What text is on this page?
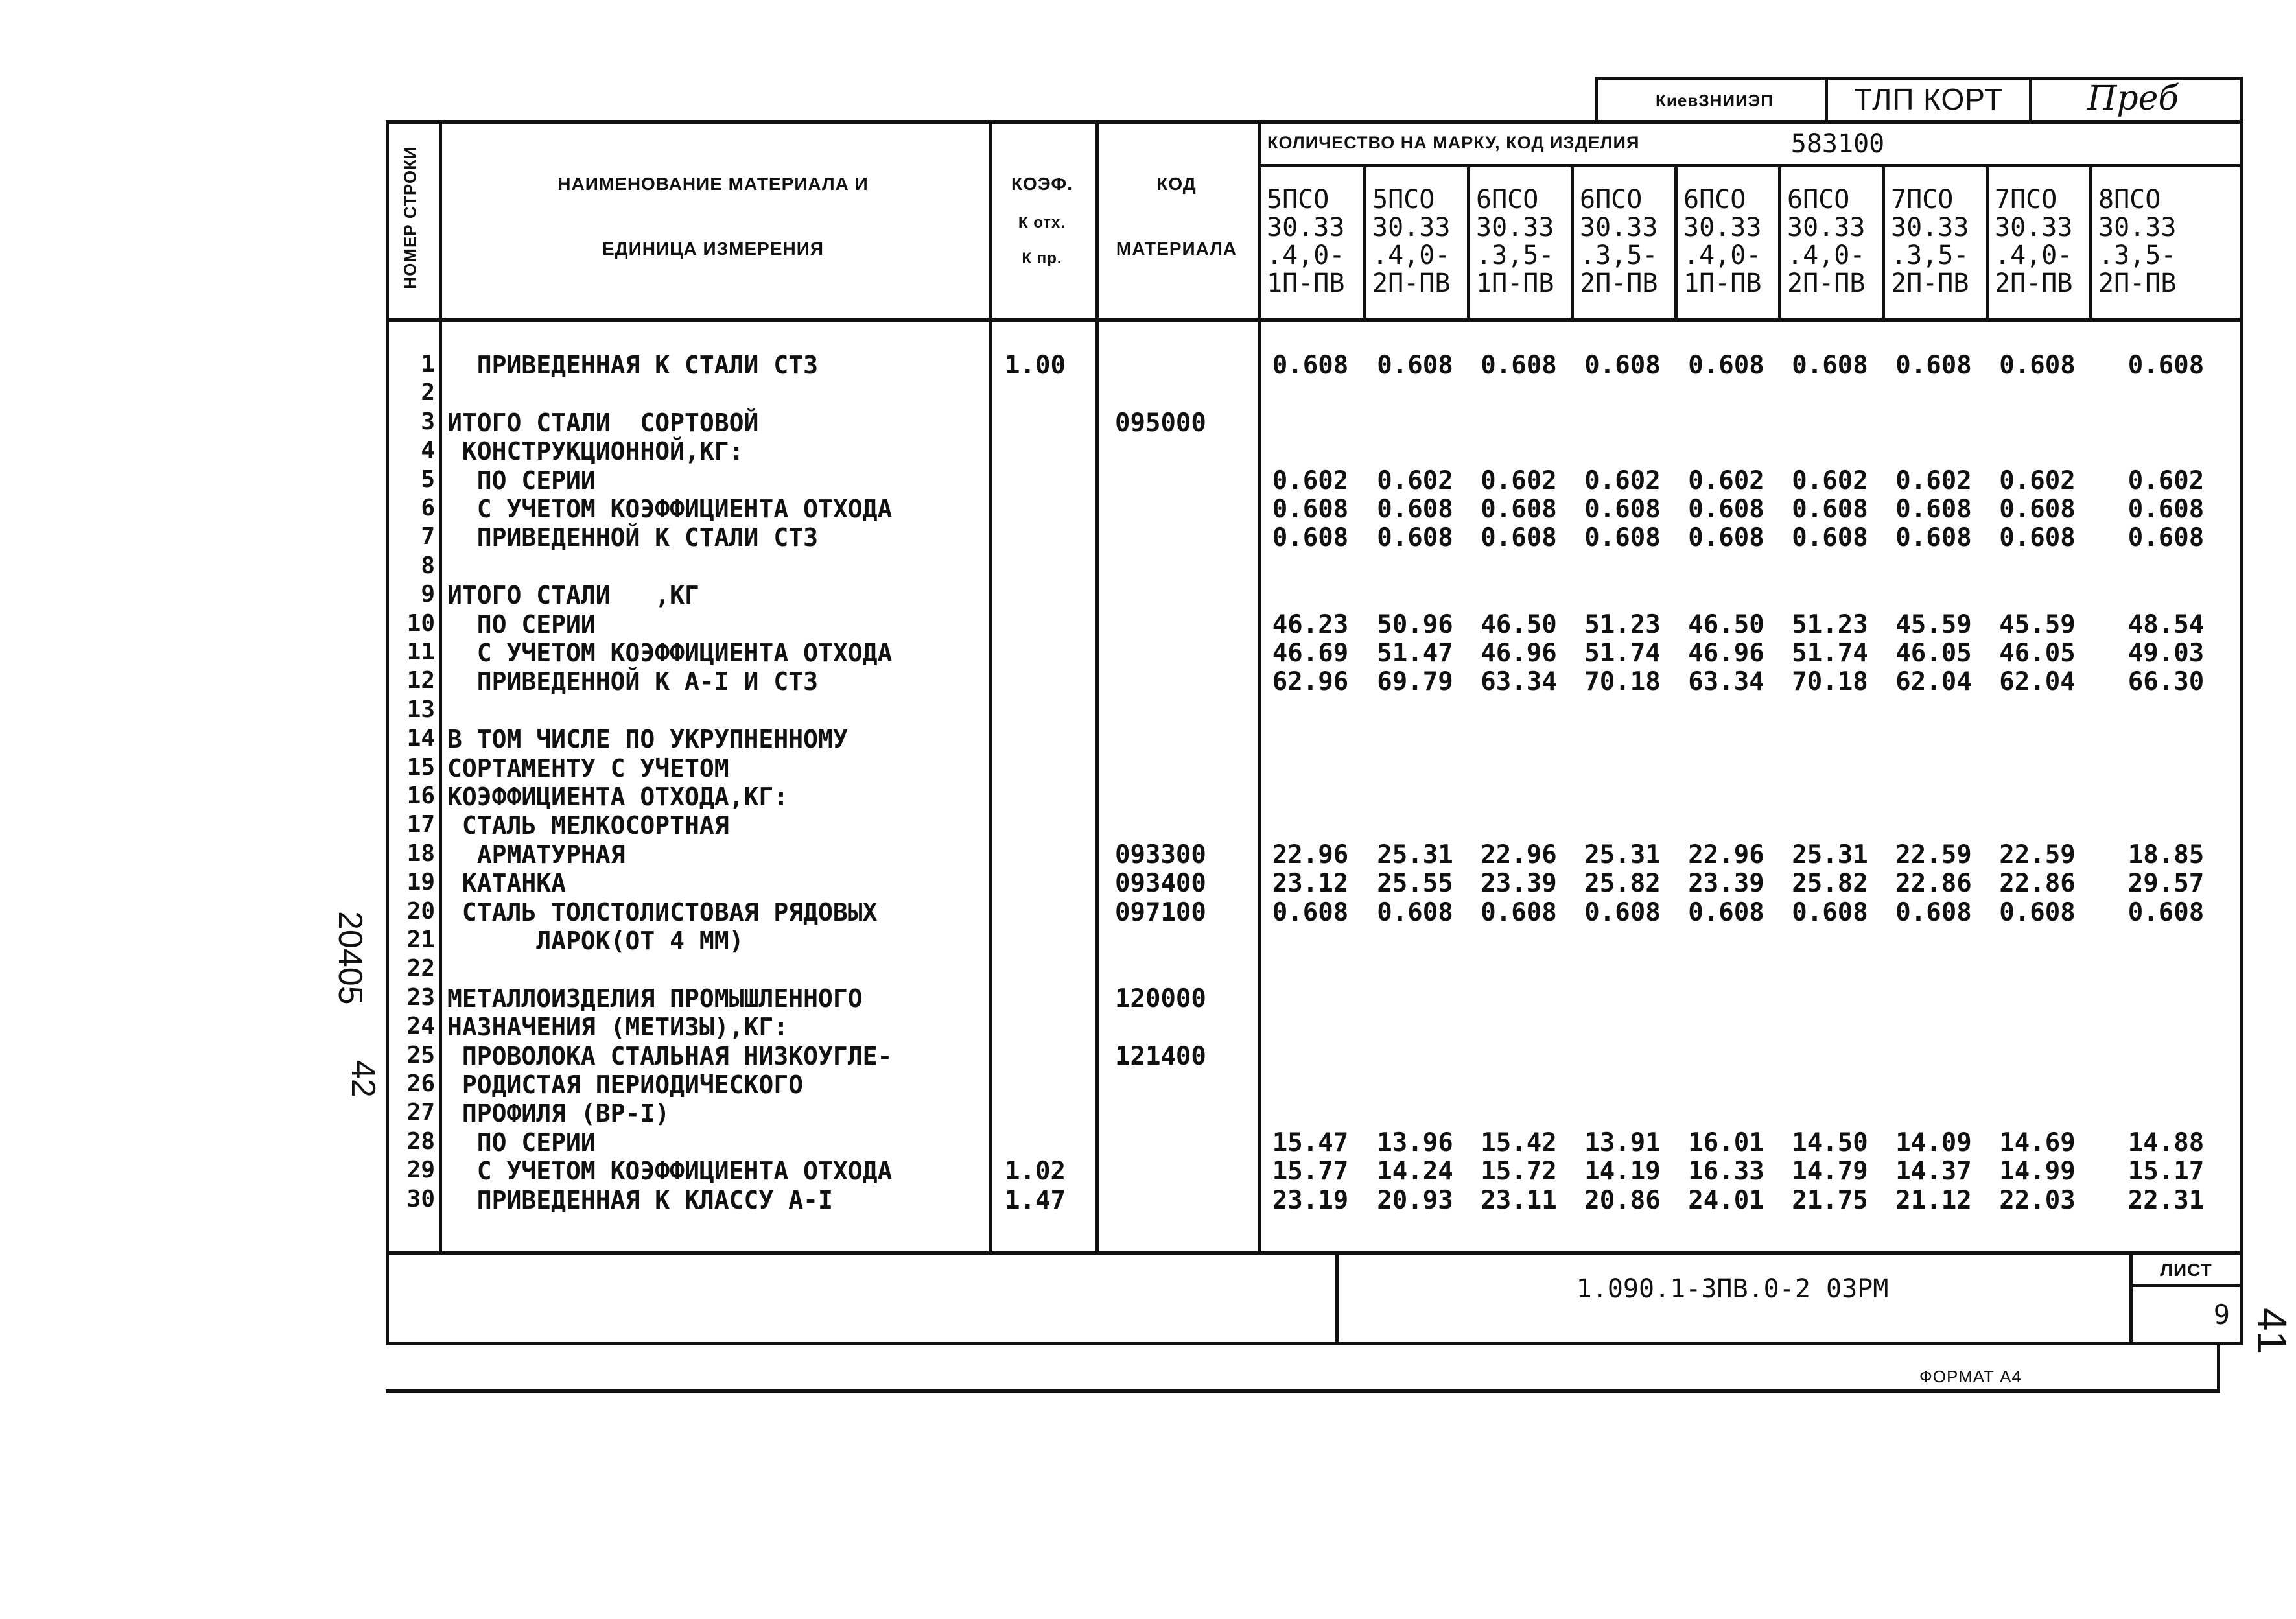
КиевЗНИИЭП	ТЛП КОРТ	Преб
НОМЕР СТРОКИ	НАИМЕНОВАНИЕ МАТЕРИАЛА И
ЕДИНИЦА ИЗМЕРЕНИЯ
КОЭФ.
К отх.
К пр.
КОД
МАТЕРИАЛА
КОЛИЧЕСТВО НА МАРКУ, КОД ИЗДЕЛИЯ	583100
5ПСО
30.33
.4,0-
1П-ПВ
5ПСО
30.33
.4,0-
2П-ПВ
6ПСО
30.33
.3,5-
1П-ПВ
6ПСО
30.33
.3,5-
2П-ПВ
6ПСО
30.33
.4,0-
1П-ПВ
6ПСО
30.33
.4,0-
2П-ПВ
7ПСО
30.33
.3,5-
2П-ПВ
7ПСО
30.33
.4,0-
2П-ПВ
8ПСО
30.33
.3,5-
2П-ПВ
1 ПРИВЕДЕННАЯ К СТАЛИ СТЗ	1.00	0.608	0.608	0.608	0.608	0.608	0.608	0.608	0.608	0.608
2
3 ИТОГО СТАЛИ  СОРТОВОЙ	095000
4 КОНСТРУКЦИОННОЙ,КГ:
5 ПО СЕРИИ	0.602	0.602	0.602	0.602	0.602	0.602	0.602	0.602	0.602
6 С УЧЕТОМ КОЭФФИЦИЕНТА ОТХОДА	0.608	0.608	0.608	0.608	0.608	0.608	0.608	0.608	0.608
7 ПРИВЕДЕННОЙ К СТАЛИ СТЗ	0.608	0.608	0.608	0.608	0.608	0.608	0.608	0.608	0.608
8
9 ИТОГО СТАЛИ   ,КГ
10 ПО СЕРИИ	46.23	50.96	46.50	51.23	46.50	51.23	45.59	45.59	48.54
11 С УЧЕТОМ КОЭФФИЦИЕНТА ОТХОДА	46.69	51.47	46.96	51.74	46.96	51.74	46.05	46.05	49.03
12 ПРИВЕДЕННОЙ К А-I И СТЗ	62.96	69.79	63.34	70.18	63.34	70.18	62.04	62.04	66.30
13
14 В ТОМ ЧИСЛЕ ПО УКРУПНЕННОМУ
15 СОРТАМЕНТУ С УЧЕТОМ
16 КОЭФФИЦИЕНТА ОТХОДА,КГ:
17 СТАЛЬ МЕЛКОСОРТНАЯ
18 АРМАТУРНАЯ	093300	22.96	25.31	22.96	25.31	22.96	25.31	22.59	22.59	18.85
19 КАТАНКА	093400	23.12	25.55	23.39	25.82	23.39	25.82	22.86	22.86	29.57
20 СТАЛЬ ТОЛСТОЛИСТОВАЯ РЯДОВЫХ	097100	0.608	0.608	0.608	0.608	0.608	0.608	0.608	0.608	0.608
21 ЛАРОК(ОТ 4 ММ)
22
23 МЕТАЛЛОИЗДЕЛИЯ ПРОМЫШЛЕННОГО	120000
24 НАЗНАЧЕНИЯ (МЕТИЗЫ),КГ:
25 ПРОВОЛОКА СТАЛЬНАЯ НИЗКОУГЛЕ-	121400
26 РОДИСТАЯ ПЕРИОДИЧЕСКОГО
27 ПРОФИЛЯ (ВР-I)
28 ПО СЕРИИ	15.47	13.96	15.42	13.91	16.01	14.50	14.09	14.69	14.88
29 С УЧЕТОМ КОЭФФИЦИЕНТА ОТХОДА	1.02	15.77	14.24	15.72	14.19	16.33	14.79	14.37	14.99	15.17
30 ПРИВЕДЕННАЯ К КЛАССУ А-I	1.47	23.19	20.93	23.11	20.86	24.01	21.75	21.12	22.03	22.31
1.090.1-3ПВ.0-2 03РМ
ЛИСТ
9
ФОРМАТ А4
20405
42
41
